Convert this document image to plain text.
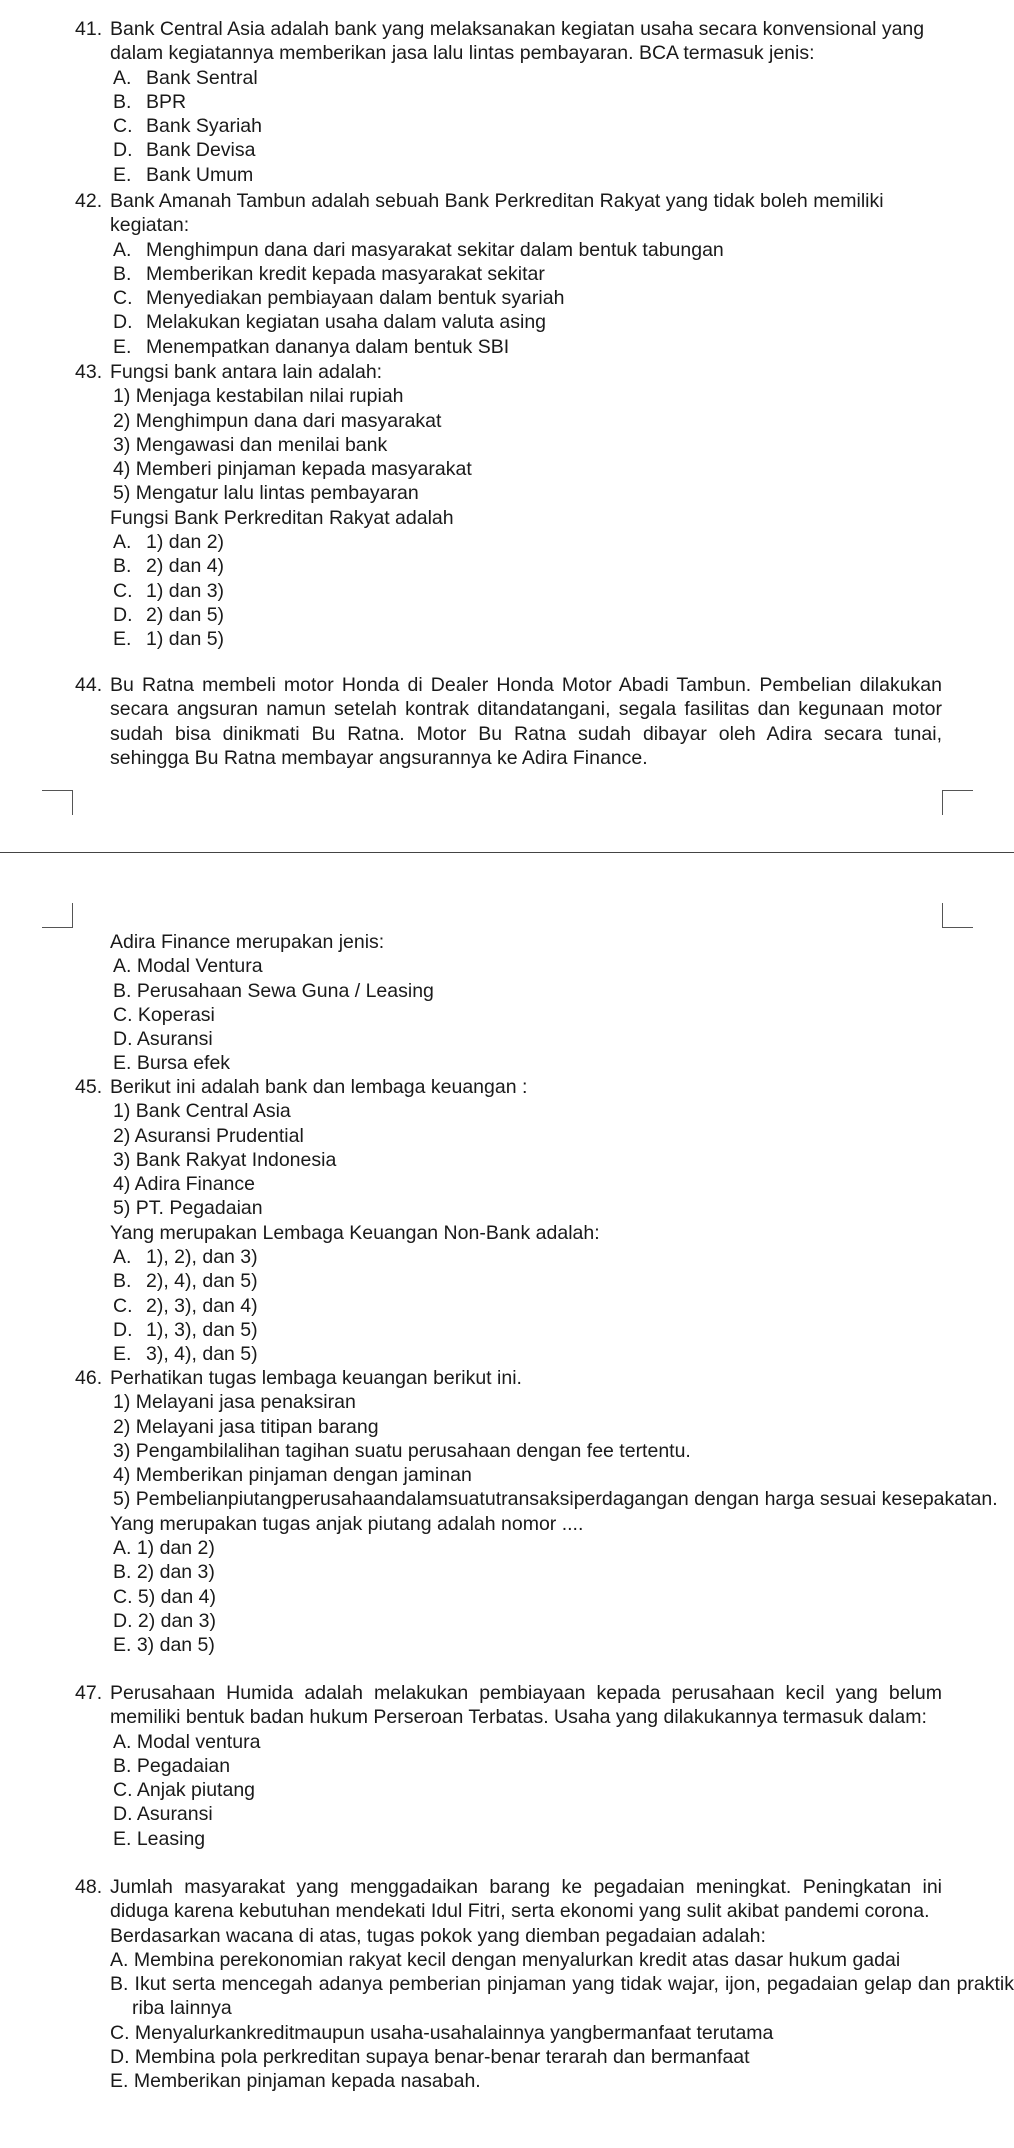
41. Bank Central Asia adalah bank yang melaksanakan kegiatan usaha secara konvensional yang dalam kegiatannya memberikan jasa lalu lintas pembayaran. BCA termasuk jenis:
A. Bank Sentral
B. BPR
C. Bank Syariah
D. Bank Devisa
E. Bank Umum
42. Bank Amanah Tambun adalah sebuah Bank Perkreditan Rakyat yang tidak boleh memiliki kegiatan:
A. Menghimpun dana dari masyarakat sekitar dalam bentuk tabungan
B. Memberikan kredit kepada masyarakat sekitar
C. Menyediakan pembiayaan dalam bentuk syariah
D. Melakukan kegiatan usaha dalam valuta asing
E. Menempatkan dananya dalam bentuk SBI
43. Fungsi bank antara lain adalah:
1) Menjaga kestabilan nilai rupiah
2) Menghimpun dana dari masyarakat
3) Mengawasi dan menilai bank
4) Memberi pinjaman kepada masyarakat
5) Mengatur lalu lintas pembayaran
Fungsi Bank Perkreditan Rakyat adalah
A. 1) dan 2)
B. 2) dan 4)
C. 1) dan 3)
D. 2) dan 5)
E. 1) dan 5)
44. Bu Ratna membeli motor Honda di Dealer Honda Motor Abadi Tambun. Pembelian dilakukan secara angsuran namun setelah kontrak ditandatangani, segala fasilitas dan kegunaan motor sudah bisa dinikmati Bu Ratna. Motor Bu Ratna sudah dibayar oleh Adira secara tunai, sehingga Bu Ratna membayar angsurannya ke Adira Finance.
Adira Finance merupakan jenis:
A. Modal Ventura
B. Perusahaan Sewa Guna / Leasing
C. Koperasi
D. Asuransi
E. Bursa efek
45. Berikut ini adalah bank dan lembaga keuangan :
1) Bank Central Asia
2) Asuransi Prudential
3) Bank Rakyat Indonesia
4) Adira Finance
5) PT. Pegadaian
Yang merupakan Lembaga Keuangan Non-Bank adalah:
A. 1), 2), dan 3)
B. 2), 4), dan 5)
C. 2), 3), dan 4)
D. 1), 3), dan 5)
E. 3), 4), dan 5)
46. Perhatikan tugas lembaga keuangan berikut ini.
1) Melayani jasa penaksiran
2) Melayani jasa titipan barang
3) Pengambilalihan tagihan suatu perusahaan dengan fee tertentu.
4) Memberikan pinjaman dengan jaminan
5) Pembelianpiutangperusahaandalamsuatutransaksiperdagangan dengan harga sesuai kesepakatan.
Yang merupakan tugas anjak piutang adalah nomor ....
A. 1) dan 2)
B. 2) dan 3)
C. 5) dan 4)
D. 2) dan 3)
E. 3) dan 5)
47. Perusahaan Humida adalah melakukan pembiayaan kepada perusahaan kecil yang belum memiliki bentuk badan hukum Perseroan Terbatas. Usaha yang dilakukannya termasuk dalam:
A. Modal ventura
B. Pegadaian
C. Anjak piutang
D. Asuransi
E. Leasing
48. Jumlah masyarakat yang menggadaikan barang ke pegadaian meningkat. Peningkatan ini diduga karena kebutuhan mendekati Idul Fitri, serta ekonomi yang sulit akibat pandemi corona.
Berdasarkan wacana di atas, tugas pokok yang diemban pegadaian adalah:
A. Membina perekonomian rakyat kecil dengan menyalurkan kredit atas dasar hukum gadai
B. Ikut serta mencegah adanya pemberian pinjaman yang tidak wajar, ijon, pegadaian gelap dan praktik riba lainnya
C. Menyalurkankreditmaupun usaha-usahalainnya yangbermanfaat terutama
D. Membina pola perkreditan supaya benar-benar terarah dan bermanfaat
E. Memberikan pinjaman kepada nasabah.
